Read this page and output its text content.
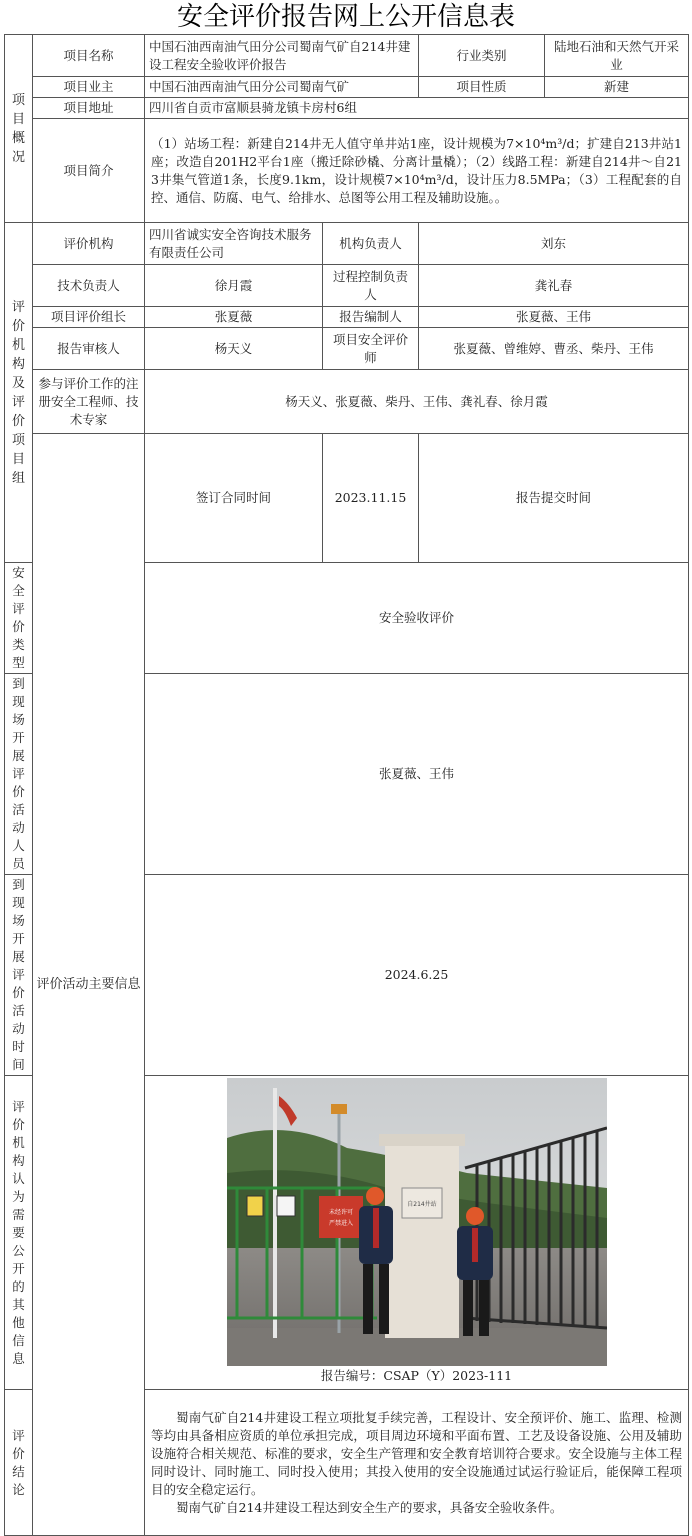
安全评价报告网上公开信息表
项目概况	项目名称	中国石油西南油气田分公司蜀南气矿自214井建设工程安全验收评价报告		行业类别	陆地石油和天然气开采业	
	项目业主	中国石油西南油气田分公司蜀南气矿		项目性质	新建	
	项目地址	四川省自贡市富顺县骑龙镇卡房村6组				
	项目简介	（1）站场工程：新建自214井无人值守单井站1座，设计规模为7×10⁴m³/d；扩建自213井站1座；改造自201H2平台1座（搬迁除砂橇、分离计量橇）；（2）线路工程：新建自214井～自213井集气管道1条，长度9.1km，设计规模7×10⁴m³/d，设计压力8.5MPa；（3）工程配套的自控、通信、防腐、电气、给排水、总图等公用工程及辅助设施。。				
评价机构及评价项目组	评价机构	四川省诚实安全咨询技术服务有限责任公司	机构负责人	刘东		
	技术负责人	徐月霞	过程控制负责人	龚礼春		
	项目评价组长	张夏薇	报告编制人	张夏薇、王伟		
	报告审核人	杨天义	项目安全评价师	张夏薇、曾维婷、曹丞、柴丹、王伟		
	参与评价工作的注册安全工程师、技术专家	杨天义、张夏薇、柴丹、王伟、龚礼春、徐月霞				
	评价活动主要信息	签订合同时间	2023.11.15	报告提交时间	
安全评价类型		安全验收评价				
到现场开展评价活动人员		张夏薇、王伟				
到现场开展评价活动时间		2024.6.25				
评价机构认为需要公开的其他信息		未经许可
严禁进入
自214井站
报告编号：CSAP（Y）2023-111				

评价结论		蜀南气矿自214井建设工程立项批复手续完善，工程设计、安全预评价、施工、监理、检测等均由具备相应资质的单位承担完成，项目周边环境和平面布置、工艺及设备设施、公用及辅助设施符合相关规范、标准的要求，安全生产管理和安全教育培训符合要求。安全设施与主体工程同时设计、同时施工、同时投入使用；其投入使用的安全设施通过试运行验证后，能保障工程项目的安全稳定运行。

蜀南气矿自214井建设工程达到安全生产的要求，具备安全验收条件。				
